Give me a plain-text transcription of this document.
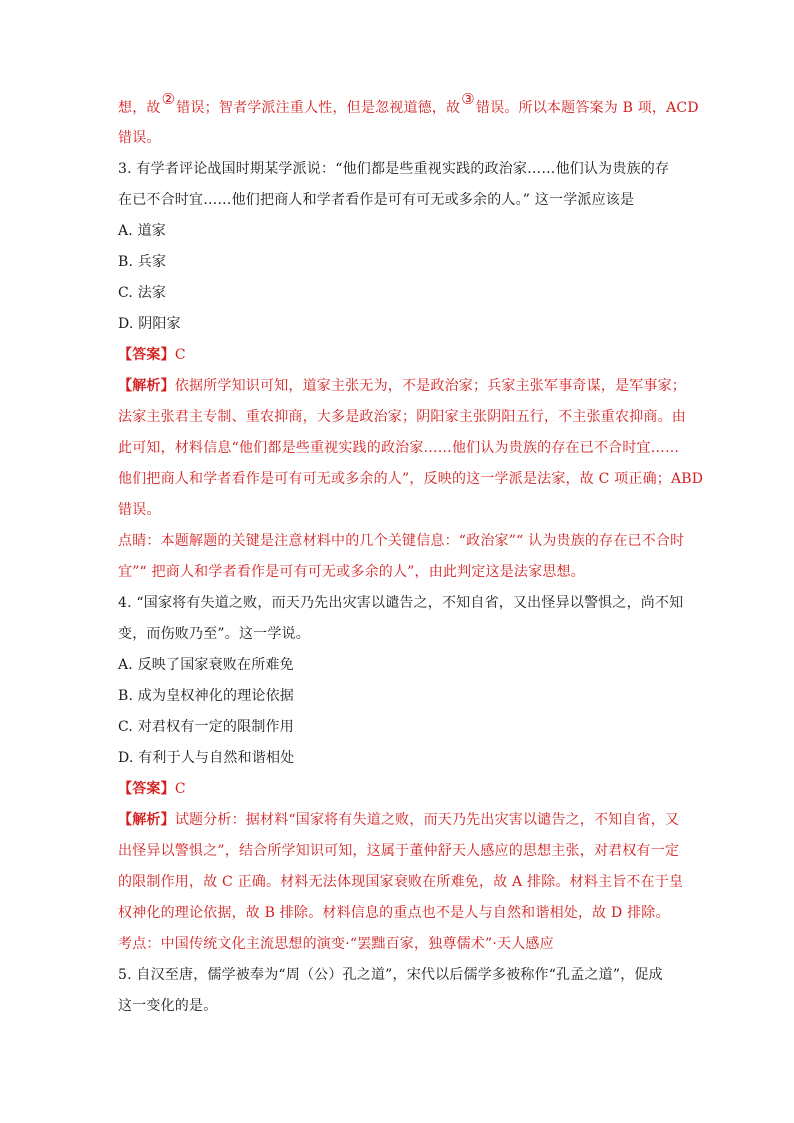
想，故②错误；智者学派注重人性，但是忽视道德，故③错误。所以本题答案为 B 项，ACD
错误。
3. 有学者评论战国时期某学派说：“他们都是些重视实践的政治家……他们认为贵族的存
在已不合时宜……他们把商人和学者看作是可有可无或多余的人。” 这一学派应该是
A. 道家
B. 兵家
C. 法家
D. 阴阳家
【答案】C
【解析】依据所学知识可知，道家主张无为，不是政治家；兵家主张军事奇谋，是军事家；
法家主张君主专制、重农抑商，大多是政治家；阴阳家主张阴阳五行，不主张重农抑商。由
此可知，材料信息“他们都是些重视实践的政治家……他们认为贵族的存在已不合时宜……
他们把商人和学者看作是可有可无或多余的人”，反映的这一学派是法家，故 C 项正确；ABD
错误。
点睛：本题解题的关键是注意材料中的几个关键信息：“政治家”“ 认为贵族的存在已不合时
宜”“ 把商人和学者看作是可有可无或多余的人”，由此判定这是法家思想。
4. “国家将有失道之败，而天乃先出灾害以谴告之，不知自省，又出怪异以警惧之，尚不知
变，而伤败乃至”。这一学说。
A. 反映了国家衰败在所难免
B. 成为皇权神化的理论依据
C. 对君权有一定的限制作用
D. 有利于人与自然和谐相处
【答案】C
【解析】试题分析：据材料“国家将有失道之败，而天乃先出灾害以谴告之，不知自省，又
出怪异以警惧之”，结合所学知识可知，这属于董仲舒天人感应的思想主张，对君权有一定
的限制作用，故 C 正确。材料无法体现国家衰败在所难免，故 A 排除。材料主旨不在于皇
权神化的理论依据，故 B 排除。材料信息的重点也不是人与自然和谐相处，故 D 排除。
考点：中国传统文化主流思想的演变·“罢黜百家，独尊儒术”·天人感应
5. 自汉至唐，儒学被奉为“周（公）孔之道”，宋代以后儒学多被称作“孔孟之道”，促成
这一变化的是。
